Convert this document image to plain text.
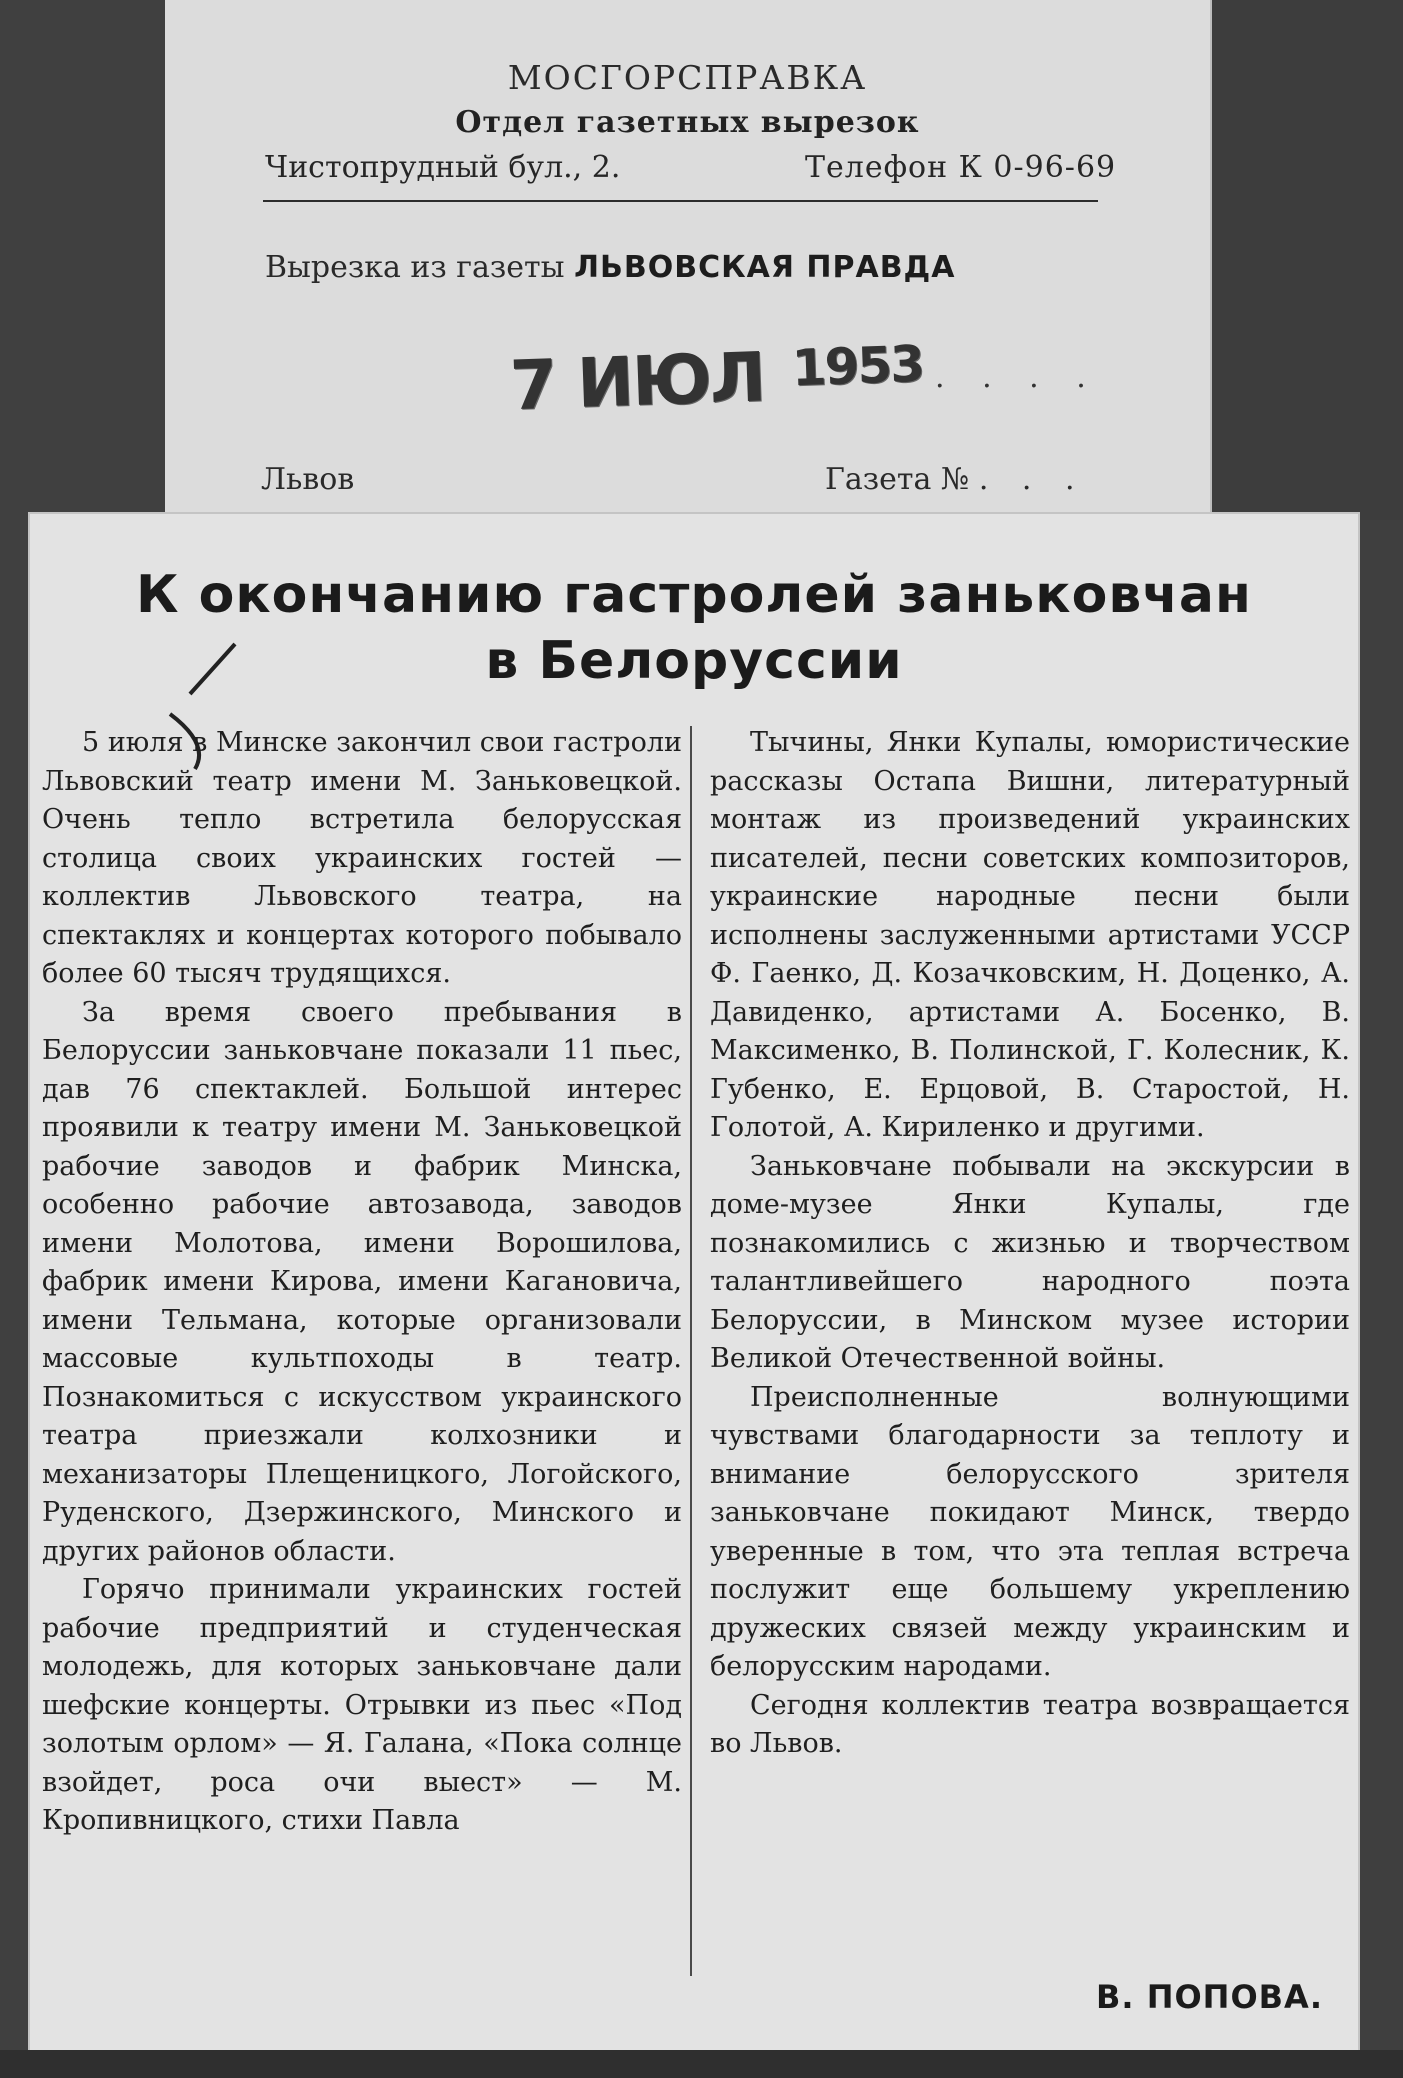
МОСГОРСПРАВКА
Отдел газетных вырезок
Чистопрудный бул., 2.	Телефон К 0-96-69
Вырезка из газеты ЛЬВОВСКАЯ ПРАВДА
7 ИЮЛ $^{1953}$ . . . .
Львов	Газета № . . .
К окончанию гастролей заньковчан
в Белоруссии

5 июля в Минске закончил свои гастроли Львовский театр имени М. Заньковецкой. Очень тепло встретила белорусская столица своих украинских гостей — коллектив Львовского театра, на спектаклях и концертах которого побывало более 60 тысяч трудящихся.

За время своего пребывания в Белоруссии заньковчане показали 11 пьес, дав 76 спектаклей. Большой интерес проявили к театру имени М. Заньковецкой рабочие заводов и фабрик Минска, особенно рабочие автозавода, заводов имени Молотова, имени Ворошилова, фабрик имени Кирова, имени Кагановича, имени Тельмана, которые организовали массовые культпоходы в театр. Познакомиться с искусством украинского театра приезжали колхозники и механизаторы Плещеницкого, Логойского, Руденского, Дзержинского, Минского и других районов области.

Горячо принимали украинских гостей рабочие предприятий и студенческая молодежь, для которых заньковчане дали шефские концерты. Отрывки из пьес «Под золотым орлом» — Я. Галана, «Пока солнце взойдет, роса очи выест» — М. Кропивницкого, стихи Павла

Тычины, Янки Купалы, юмористические рассказы Остапа Вишни, литературный монтаж из произведений украинских писателей, песни советских композиторов, украинские народные песни были исполнены заслуженными артистами УССР Ф. Гаенко, Д. Козачковским, Н. Доценко, А. Давиденко, артистами А. Босенко, В. Максименко, В. Полинской, Г. Колесник, К. Губенко, Е. Ерцовой, В. Старостой, Н. Голотой, А. Кириленко и другими.

Заньковчане побывали на экскурсии в доме-музее Янки Купалы, где познакомились с жизнью и творчеством талантливейшего народного поэта Белоруссии, в Минском музее истории Великой Отечественной войны.

Преисполненные волнующими чувствами благодарности за теплоту и внимание белорусского зрителя заньковчане покидают Минск, твердо уверенные в том, что эта теплая встреча послужит еще большему укреплению дружеских связей между украинским и белорусским народами.

Сегодня коллектив театра возвращается во Львов.

В. ПОПОВА.
